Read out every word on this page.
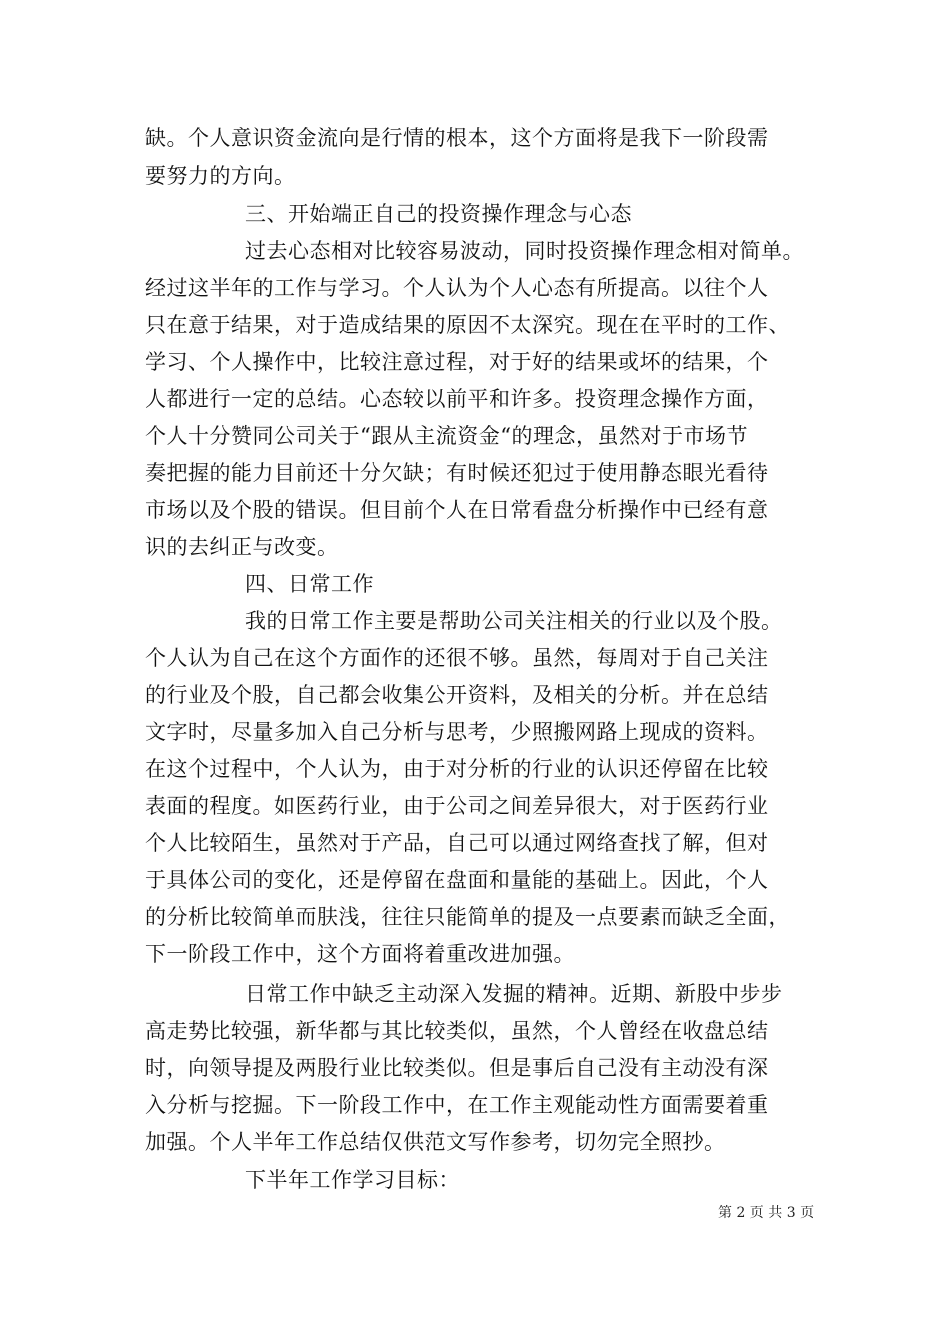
缺。个人意识资金流向是行情的根本，这个方面将是我下一阶段需
要努力的方向。
三、开始端正自己的投资操作理念与心态
过去心态相对比较容易波动，同时投资操作理念相对简单。
经过这半年的工作与学习。个人认为个人心态有所提高。以往个人
只在意于结果，对于造成结果的原因不太深究。现在在平时的工作、
学习、个人操作中，比较注意过程，对于好的结果或坏的结果，个
人都进行一定的总结。心态较以前平和许多。投资理念操作方面，
个人十分赞同公司关于“跟从主流资金“的理念，虽然对于市场节
奏把握的能力目前还十分欠缺；有时候还犯过于使用静态眼光看待
市场以及个股的错误。但目前个人在日常看盘分析操作中已经有意
识的去纠正与改变。
四、日常工作
我的日常工作主要是帮助公司关注相关的行业以及个股。
个人认为自己在这个方面作的还很不够。虽然，每周对于自己关注
的行业及个股，自己都会收集公开资料，及相关的分析。并在总结
文字时，尽量多加入自己分析与思考，少照搬网路上现成的资料。
在这个过程中，个人认为，由于对分析的行业的认识还停留在比较
表面的程度。如医药行业，由于公司之间差异很大，对于医药行业
个人比较陌生，虽然对于产品，自己可以通过网络查找了解，但对
于具体公司的变化，还是停留在盘面和量能的基础上。因此，个人
的分析比较简单而肤浅，往往只能简单的提及一点要素而缺乏全面，
下一阶段工作中，这个方面将着重改进加强。
日常工作中缺乏主动深入发掘的精神。近期、新股中步步
高走势比较强，新华都与其比较类似，虽然，个人曾经在收盘总结
时，向领导提及两股行业比较类似。但是事后自己没有主动没有深
入分析与挖掘。下一阶段工作中，在工作主观能动性方面需要着重
加强。个人半年工作总结仅供范文写作参考，切勿完全照抄。
下半年工作学习目标：
第 2 页 共 3 页
